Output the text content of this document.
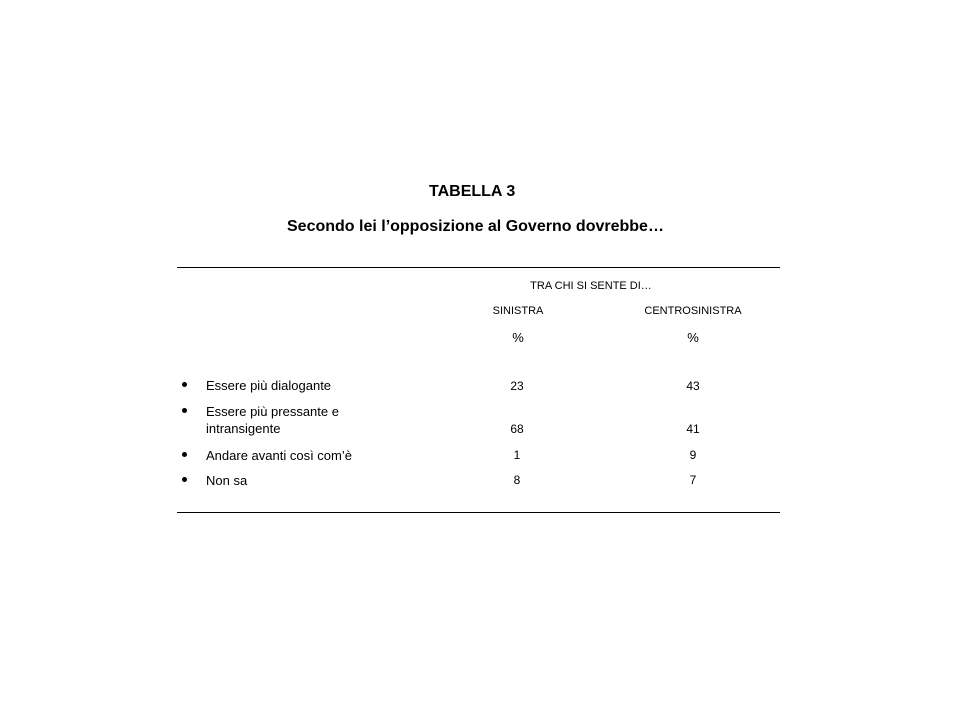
TABELLA 3
Secondo lei l’opposizione al Governo dovrebbe…
TRA CHI SI SENTE DI…
SINISTRA	CENTROSINISTRA
%	%
Essere più dialogante	23	43
Essere più pressante e intransigente	68	41
Andare avanti così com’è	1	9
Non sa	8	7
